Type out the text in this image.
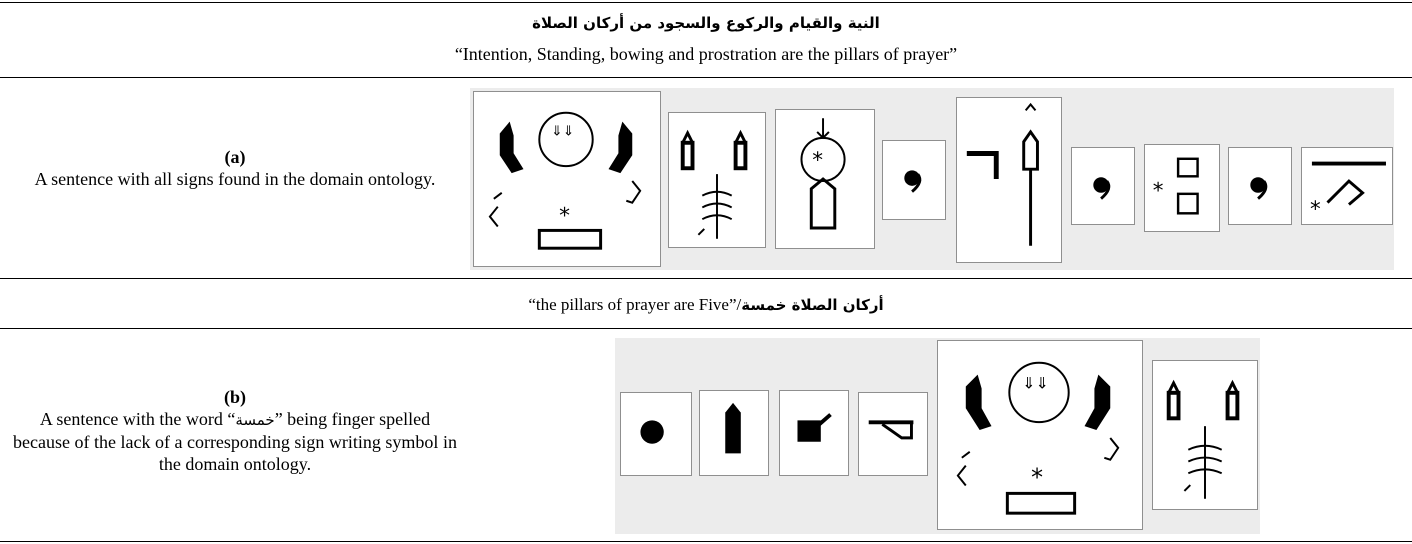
النية والقيام والركوع والسجود من أركان الصلاة
“Intention, Standing, bowing and prostration are the pillars of prayer”
(a)
A sentence with all signs found in the domain ontology.
⇓⇓
*
*
*
*
“the pillars of prayer are Five”/أركان الصلاة خمسة
(b)
A sentence with the word “خمسة” being finger spelled because of the lack of a corresponding sign writing symbol in the domain ontology.
⇓⇓
*
